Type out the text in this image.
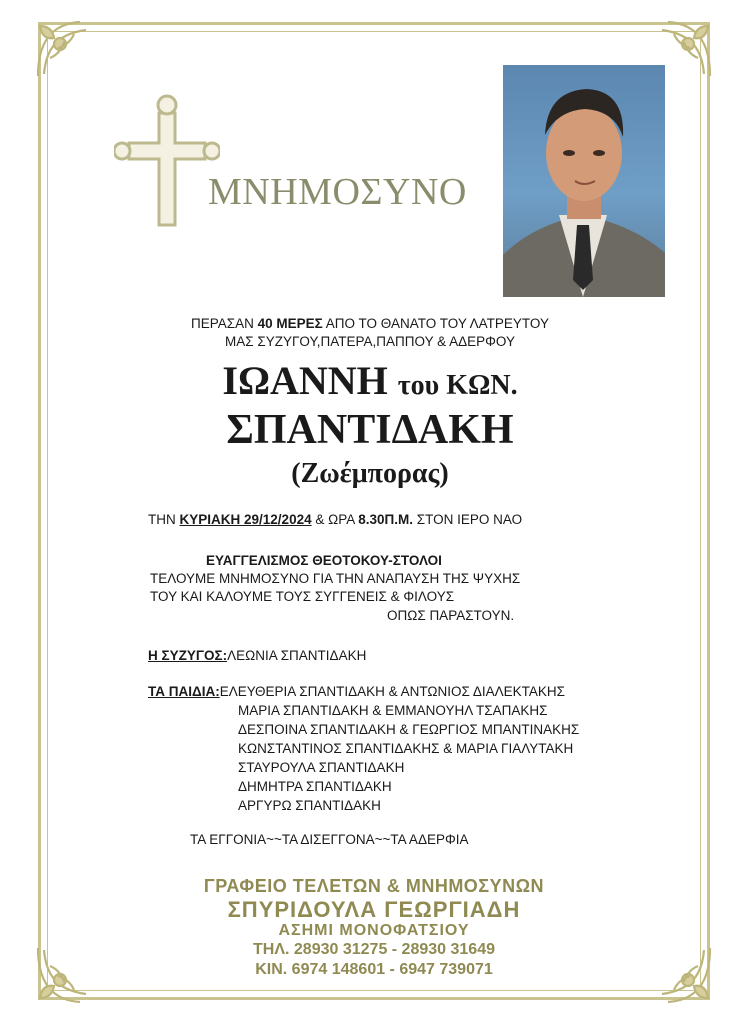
ΜΝΗΜΟΣΥΝΟ
ΠΕΡΑΣΑΝ 40 ΜΕΡΕΣ ΑΠΟ ΤΟ ΘΑΝΑΤΟ ΤΟΥ ΛΑΤΡΕΥΤΟΥ
ΜΑΣ ΣΥΖΥΓΟΥ,ΠΑΤΕΡΑ,ΠΑΠΠΟΥ & ΑΔΕΡΦΟΥ
ΙΩΑΝΝΗ του ΚΩΝ.
ΣΠΑΝΤΙΔΑΚΗ
(Ζωέμπορας)
ΤΗΝ ΚΥΡΙΑΚΗ 29/12/2024 & ΩΡΑ 8.30Π.Μ. ΣΤΟΝ ΙΕΡΟ ΝΑΟ
ΕΥΑΓΓΕΛΙΣΜΟΣ ΘΕΟΤΟΚΟΥ-ΣΤΟΛΟΙ
ΤΕΛΟΥΜΕ ΜΝΗΜΟΣΥΝΟ ΓΙΑ ΤΗΝ ΑΝΑΠΑΥΣΗ ΤΗΣ ΨΥΧΗΣ
ΤΟΥ ΚΑΙ ΚΑΛΟΥΜΕ ΤΟΥΣ ΣΥΓΓΕΝΕΙΣ & ΦΙΛΟΥΣ
ΟΠΩΣ ΠΑΡΑΣΤΟΥΝ.
Η ΣΥΖΥΓΟΣ:ΛΕΩΝΙΑ ΣΠΑΝΤΙΔΑΚΗ
ΤΑ ΠΑΙΔΙΑ:ΕΛΕΥΘΕΡΙΑ ΣΠΑΝΤΙΔΑΚΗ & ΑΝΤΩΝΙΟΣ ΔΙΑΛΕΚΤΑΚΗΣ
ΜΑΡΙΑ ΣΠΑΝΤΙΔΑΚΗ & ΕΜΜΑΝΟΥΗΛ ΤΣΑΠΑΚΗΣ
ΔΕΣΠΟΙΝΑ ΣΠΑΝΤΙΔΑΚΗ & ΓΕΩΡΓΙΟΣ ΜΠΑΝΤΙΝΑΚΗΣ
ΚΩΝΣΤΑΝΤΙΝΟΣ ΣΠΑΝΤΙΔΑΚΗΣ & ΜΑΡΙΑ ΓΙΑΛΥΤΑΚΗ
ΣΤΑΥΡΟΥΛΑ ΣΠΑΝΤΙΔΑΚΗ
ΔΗΜΗΤΡΑ ΣΠΑΝΤΙΔΑΚΗ
ΑΡΓΥΡΩ ΣΠΑΝΤΙΔΑΚΗ
ΤΑ ΕΓΓΟΝΙΑ~~ΤΑ ΔΙΣΕΓΓΟΝΑ~~ΤΑ ΑΔΕΡΦΙΑ
ΓΡΑΦΕΙΟ ΤΕΛΕΤΩΝ & ΜΝΗΜΟΣΥΝΩΝ
ΣΠΥΡΙΔΟΥΛΑ ΓΕΩΡΓΙΑΔΗ
ΑΣΗΜΙ ΜΟΝΟΦΑΤΣΙΟΥ
ΤΗΛ. 28930 31275 - 28930 31649
ΚΙΝ. 6974 148601 - 6947 739071
